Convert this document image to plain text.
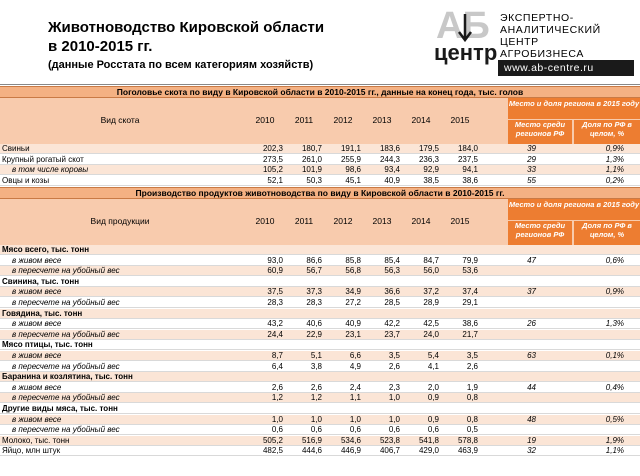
Животноводство Кировской области
в 2010-2015 гг.
(данные Росстата по всем категориям хозяйств)
АБ
центр
ЭКСПЕРТНО-
АНАЛИТИЧЕСКИЙ
ЦЕНТР
АГРОБИЗНЕСА
www.ab-centre.ru
Поголовье скота по виду в Кировской области в 2010-2015 гг., данные на конец года, тыс. голов
Вид скота	2010	2011	2012	2013	2014	2015
Место и доля региона в 2015 году
Место среди регионов РФ
Доля по РФ в целом, %
Свиньи	202,3	180,7	191,1	183,6	179,5	184,0	39	0,9%
Крупный рогатый скот	273,5	261,0	255,9	244,3	236,3	237,5	29	1,3%
в том числе коровы	105,2	101,9	98,6	93,4	92,9	94,1	33	1,1%
Овцы и козы	52,1	50,3	45,1	40,9	38,5	38,6	55	0,2%
Производство продуктов животноводства по виду в Кировской области в 2010-2015 гг.
Вид продукции	2010	2011	2012	2013	2014	2015
Место и доля региона в 2015 году
Место среди регионов РФ
Доля по РФ в целом, %
Мясо всего, тыс. тонн
в живом весе	93,0	86,6	85,8	85,4	84,7	79,9	47	0,6%
в пересчете на убойный вес	60,9	56,7	56,8	56,3	56,0	53,6
Свинина, тыс. тонн
в живом весе	37,5	37,3	34,9	36,6	37,2	37,4	37	0,9%
в пересчете на убойный вес	28,3	28,3	27,2	28,5	28,9	29,1
Говядина, тыс. тонн
в живом весе	43,2	40,6	40,9	42,2	42,5	38,6	26	1,3%
в пересчете на убойный вес	24,4	22,9	23,1	23,7	24,0	21,7
Мясо птицы, тыс. тонн
в живом весе	8,7	5,1	6,6	3,5	5,4	3,5	63	0,1%
в пересчете на убойный вес	6,4	3,8	4,9	2,6	4,1	2,6
Баранина и козлятина, тыс. тонн
в живом весе	2,6	2,6	2,4	2,3	2,0	1,9	44	0,4%
в пересчете на убойный вес	1,2	1,2	1,1	1,0	0,9	0,8
Другие виды мяса, тыс. тонн
в живом весе	1,0	1,0	1,0	1,0	0,9	0,8	48	0,5%
в пересчете на убойный вес	0,6	0,6	0,6	0,6	0,6	0,5
Молоко, тыс. тонн	505,2	516,9	534,6	523,8	541,8	578,8	19	1,9%
Яйцо, млн штук	482,5	444,6	446,9	406,7	429,0	463,9	32	1,1%
